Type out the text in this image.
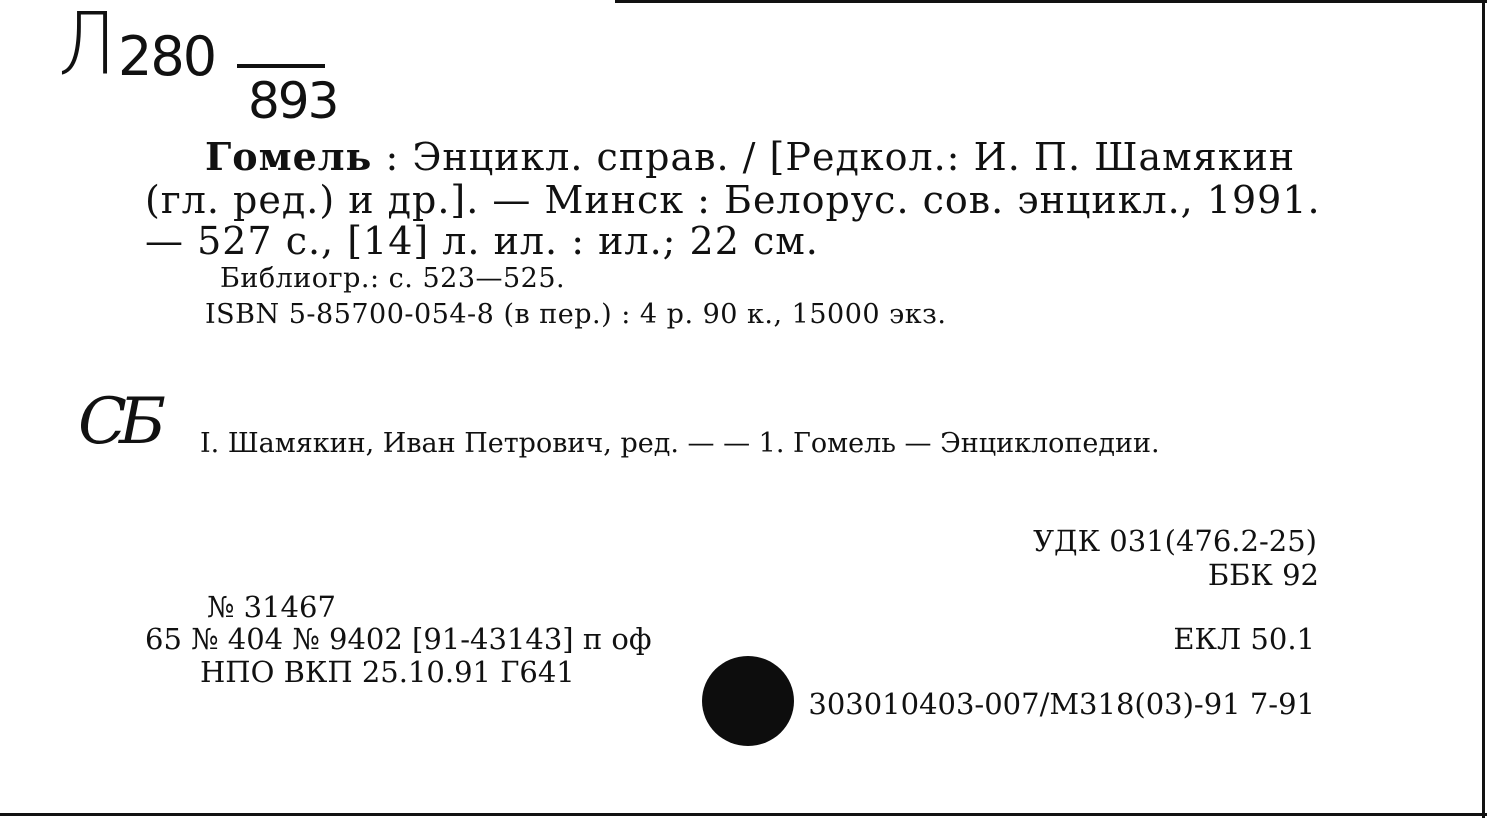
Л 280
893
СБ
Гомель : Энцикл. справ. / [Редкол.: И. П. Шамякин
(гл. ред.) и др.]. — Минск : Белорус. сов. энцикл., 1991.
— 527 с., [14] л. ил. : ил.; 22 см.
Библиогр.: с. 523—525.
ISBN 5-85700-054-8 (в пер.) : 4 р. 90 к., 15000 экз.
I. Шамякин, Иван Петрович, ред. — — 1. Гомель — Энциклопедии.
УДК 031(476.2-25)
ББК 92
№ 31467
65 № 404 № 9402 [91-43143] п оф	ЕКЛ 50.1
НПО ВКП 25.10.91 Г641
303010403-007/М318(03)-91 7-91
